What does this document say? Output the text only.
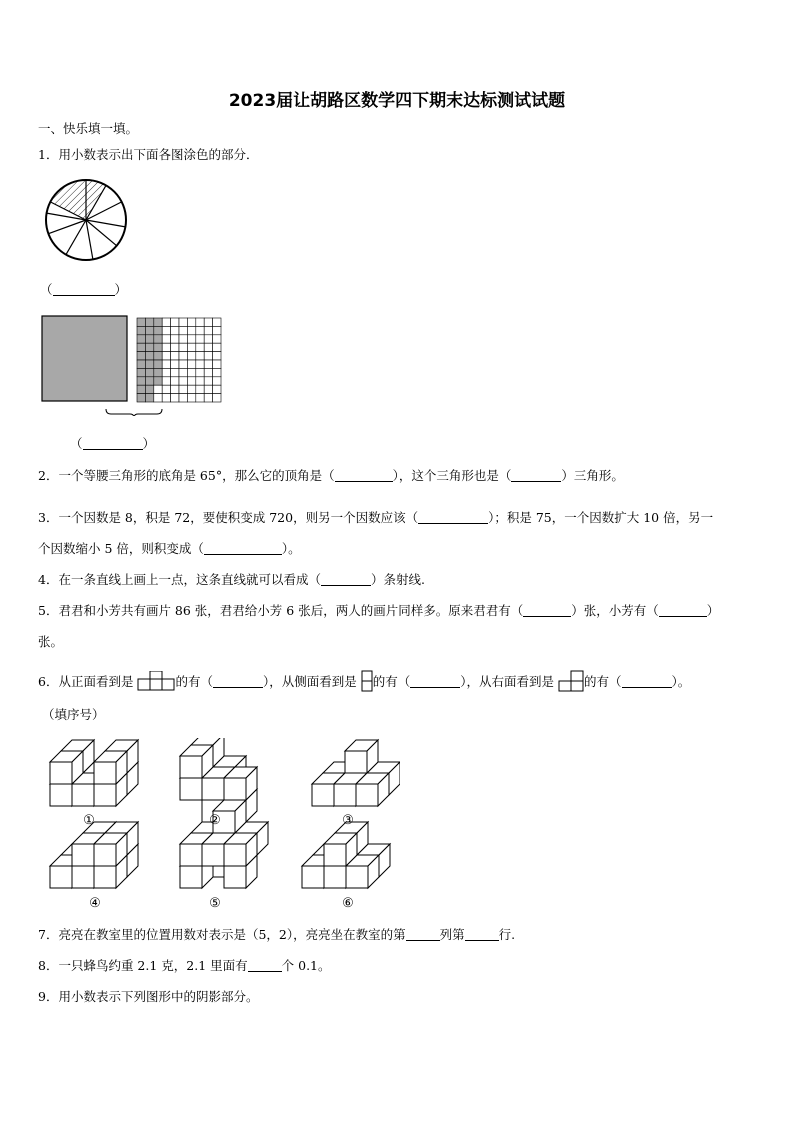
2023届让胡路区数学四下期末达标测试试题
一、快乐填一填。
1．用小数表示出下面各图涂色的部分．
（	）
（	）
2．一个等腰三角形的底角是 65°，那么它的顶角是（	），这个三角形也是（	）三角形。
3．一个因数是 8，积是 72，要使积变成 720，则另一个因数应该（	）；积是 75，一个因数扩大 10 倍，另一
个因数缩小 5 倍，则积变成（	）。
4．在一条直线上画上一点，这条直线就可以看成（	）条射线.
5．君君和小芳共有画片 86 张，君君给小芳 6 张后，两人的画片同样多。原来君君有（	）张，小芳有（	）
张。
6．从正面看到是	的有（	），从侧面看到是 的有（	），从右面看到是 的有（	）。
（填序号）
①	②	③
④	⑤	⑥
7．亮亮在教室里的位置用数对表示是（5，2），亮亮坐在教室的第	列第	行.
8．一只蜂鸟约重 2.1 克，2.1 里面有	个 0.1。
9．用小数表示下列图形中的阴影部分。
